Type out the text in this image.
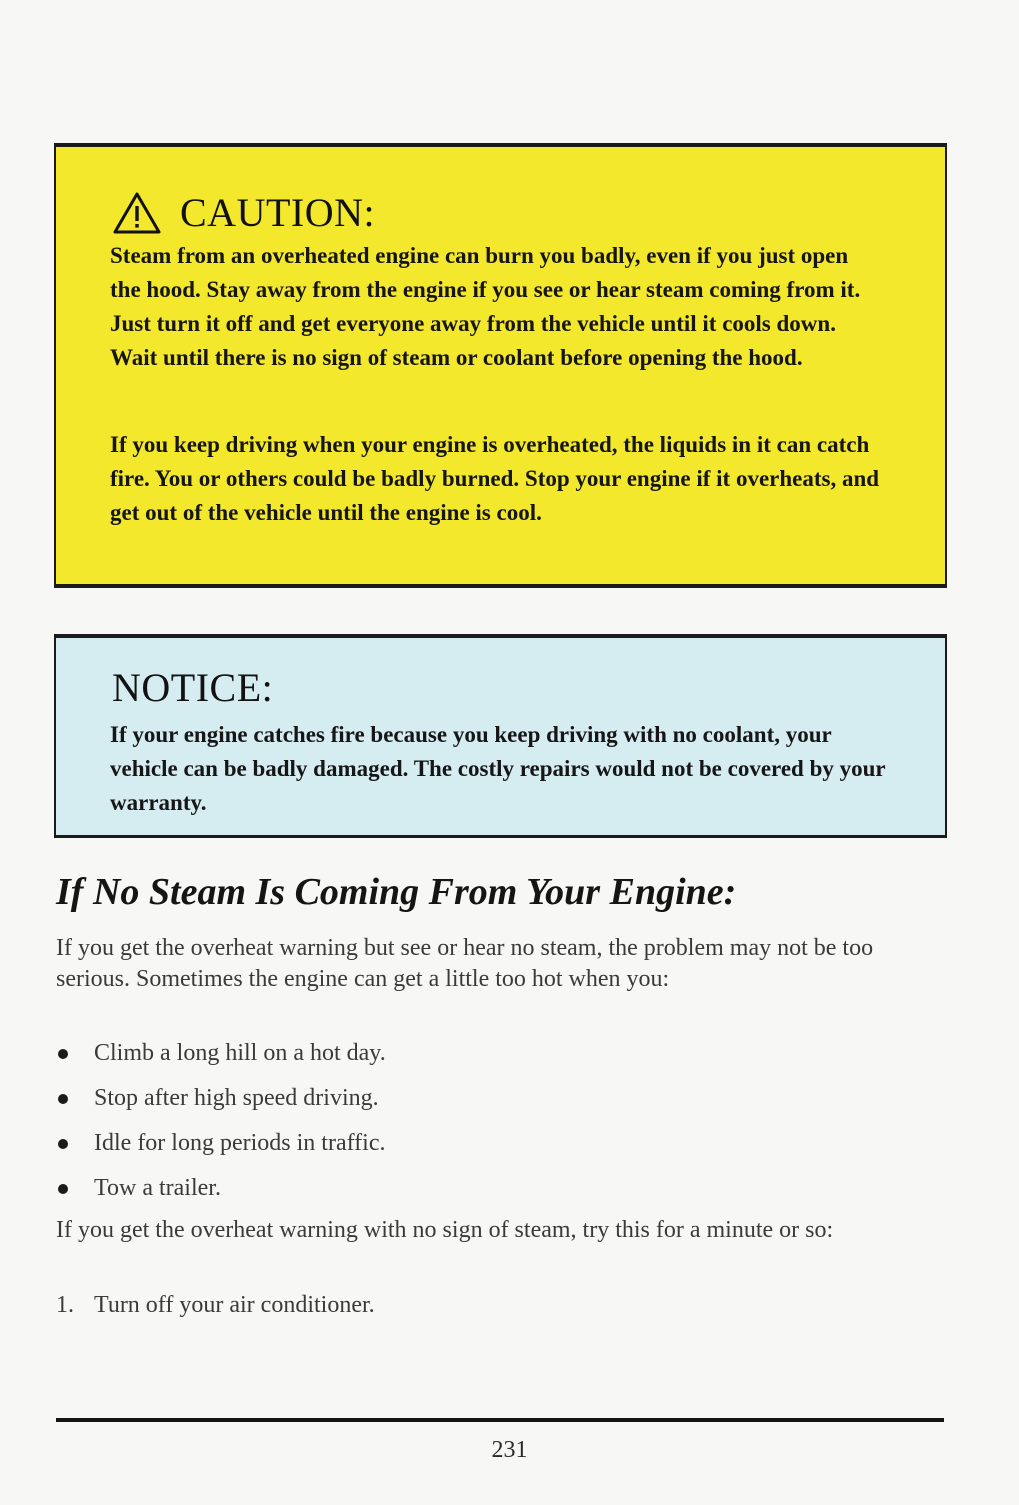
CAUTION:

Steam from an overheated engine can burn you badly, even if you just open the hood. Stay away from the engine if you see or hear steam coming from it. Just turn it off and get everyone away from the vehicle until it cools down. Wait until there is no sign of steam or coolant before opening the hood.

If you keep driving when your engine is overheated, the liquids in it can catch fire. You or others could be badly burned. Stop your engine if it overheats, and get out of the vehicle until the engine is cool.

NOTICE:

If your engine catches fire because you keep driving with no coolant, your vehicle can be badly damaged. The costly repairs would not be covered by your warranty.

If No Steam Is Coming From Your Engine:

If you get the overheat warning but see or hear no steam, the problem may not be too serious. Sometimes the engine can get a little too hot when you:

Climb a long hill on a hot day.
Stop after high speed driving.
Idle for long periods in traffic.
Tow a trailer.

If you get the overheat warning with no sign of steam, try this for a minute or so:

1. Turn off your air conditioner.
231
